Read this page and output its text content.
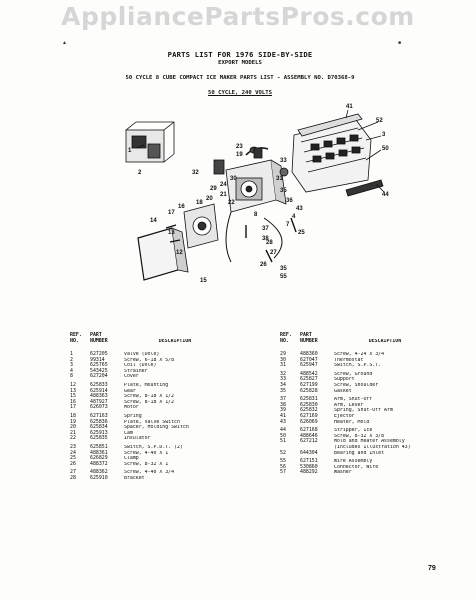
AppliancePartsPros.com
PARTS LIST FOR 1976 SIDE-BY-SIDE
EXPORT MODELS
50 CYCLE 8 CUBE COMPACT ICE MAKER PARTS LIST - ASSEMBLY NO. D70368-9
50 CYCLE, 240 VOLTS
41
52
3
50
1
2
23
19
33
31
32
35
36
30
24
29
20
21
22
28
18
16
17
14
13
12
37
38
8
27
26
4
25
7
43
35
55
15
44
REF.
NO.
PART
NUMBER	DESCRIPTION
1	627205	Valve (Dole)
2	99314	Screw, 6-18 X 5/8
3	625765	Coil (Dole)
4	543425	Strainer
8	627204	Cover
12	625833	Plate, Mounting
13	625914	Gear
15	488363	Screw, 8-18 X 1/2
16	487927	Screw, 8-18 X 1/2
17	626073	Motor
18	627163	Spring
19	625836	Plate, Valve Switch
20	625834	Spacer, Holding Switch
21	625913	Cam
22	625835	Insulator
23	625851	Switch, S.P.D.T. (2)
24	488361	Screw, 4-40 X 1
25	626829	Clamp
26	488372	Screw, 8-32 X 1
27	488362	Screw, 4-40 X 3/4
28	625910	Bracket
REF.
NO.
PART
NUMBER	DESCRIPTION
29	488360	Screw, 4-24 X 3/4
30	627047	Thermostat
31	625947	Switch, S.P.S.T.
32	488542	Screw, Ground
33	625827	Support
34	627199	Screw, Shoulder
35	625828	Gasket
37	625831	Arm, Shut-Off
38	625830	Arm, Lever
39	625832	Spring, Shut-Off Arm
41	627169	Ejector
43	626069	Heater, Mold
44	627168	Stripper, Ice
50	488646	Screw, 8-32 X 3/8
51	627212	Mold and Heater Assembly
(Includes Illustration 43)
52	644304	Bearing and Inlet
55	627151	Wire Assembly
56	530860	Connector, Wire
57	488292	Washer
79
▲	■
